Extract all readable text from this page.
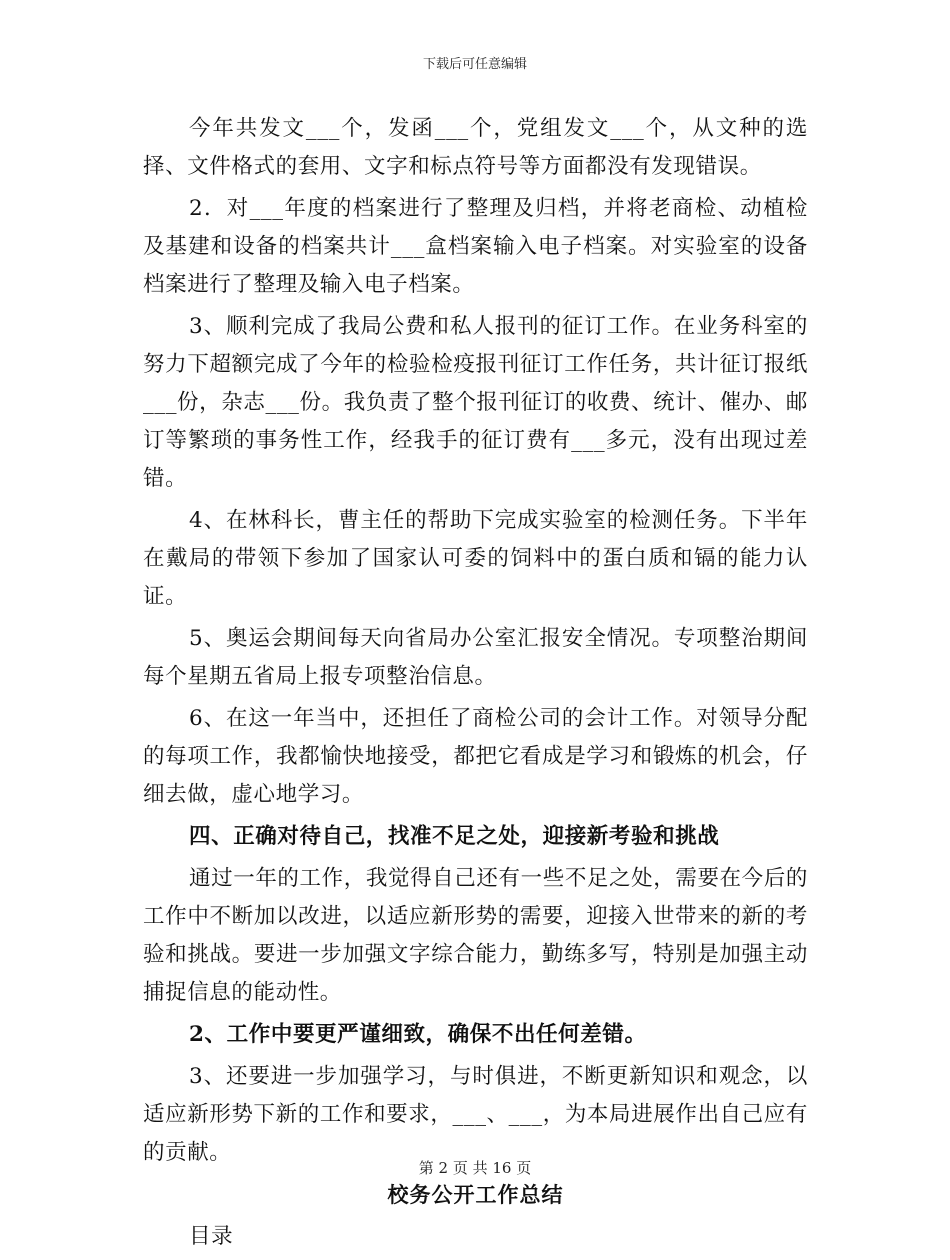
下载后可任意编辑

今年共发文___个，发函___个，党组发文___个，从文种的选择、文件格式的套用、文字和标点符号等方面都没有发现错误。

2．对___年度的档案进行了整理及归档，并将老商检、动植检及基建和设备的档案共计___盒档案输入电子档案。对实验室的设备档案进行了整理及输入电子档案。

3、顺利完成了我局公费和私人报刊的征订工作。在业务科室的努力下超额完成了今年的检验检疫报刊征订工作任务，共计征订报纸___份，杂志___份。我负责了整个报刊征订的收费、统计、催办、邮订等繁琐的事务性工作，经我手的征订费有___多元，没有出现过差错。

4、在林科长，曹主任的帮助下完成实验室的检测任务。下半年在戴局的带领下参加了国家认可委的饲料中的蛋白质和镉的能力认证。

5、奥运会期间每天向省局办公室汇报安全情况。专项整治期间每个星期五省局上报专项整治信息。

6、在这一年当中，还担任了商检公司的会计工作。对领导分配的每项工作，我都愉快地接受，都把它看成是学习和锻炼的机会，仔细去做，虚心地学习。

四、正确对待自己，找准不足之处，迎接新考验和挑战

通过一年的工作，我觉得自己还有一些不足之处，需要在今后的工作中不断加以改进，以适应新形势的需要，迎接入世带来的新的考验和挑战。要进一步加强文字综合能力，勤练多写，特别是加强主动捕捉信息的能动性。

2、工作中要更严谨细致，确保不出任何差错。

3、还要进一步加强学习，与时俱进，不断更新知识和观念，以适应新形势下新的工作和要求，___、___，为本局进展作出自己应有的贡献。

校务公开工作总结

目录

第 2 页 共 16 页
